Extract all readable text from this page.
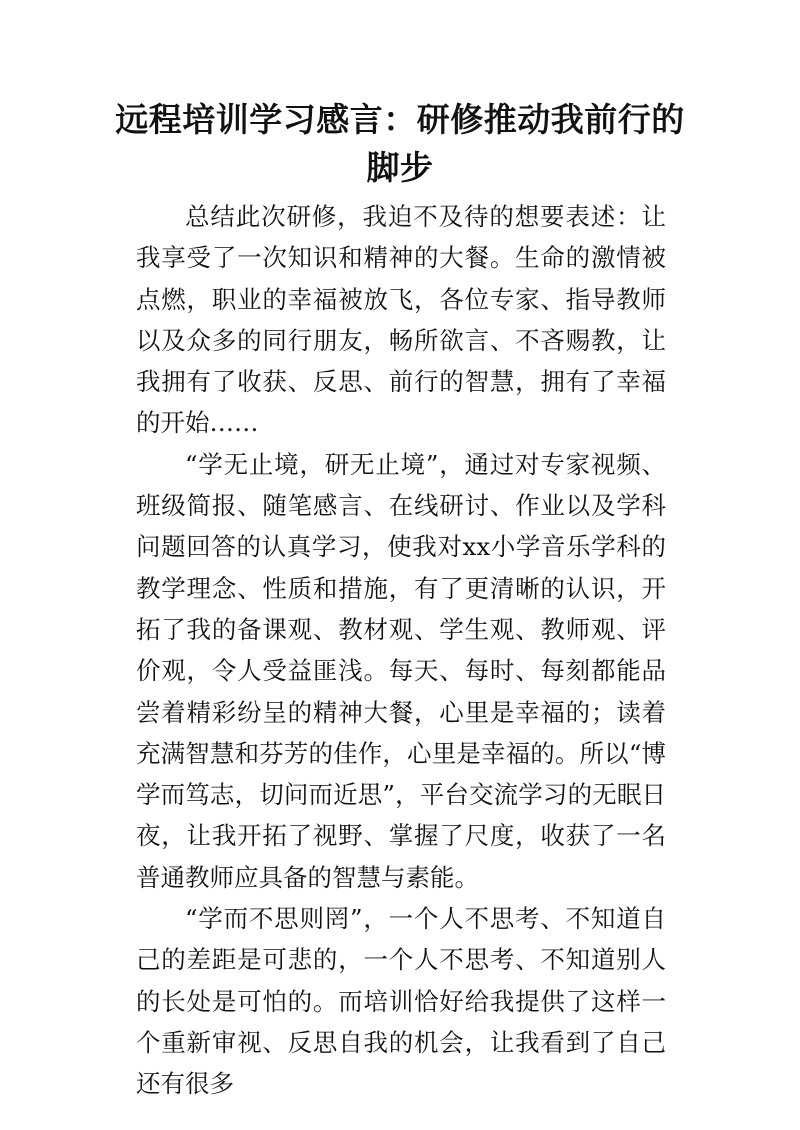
远程培训学习感言：研修推动我前行的脚步

总结此次研修，我迫不及待的想要表述：让我享受了一次知识和精神的大餐。生命的激情被点燃，职业的幸福被放飞，各位专家、指导教师以及众多的同行朋友，畅所欲言、不吝赐教，让我拥有了收获、反思、前行的智慧，拥有了幸福的开始……

“学无止境，研无止境”，通过对专家视频、班级简报、随笔感言、在线研讨、作业以及学科问题回答的认真学习，使我对xx小学音乐学科的教学理念、性质和措施，有了更清晰的认识，开拓了我的备课观、教材观、学生观、教师观、评价观，令人受益匪浅。每天、每时、每刻都能品尝着精彩纷呈的精神大餐，心里是幸福的；读着充满智慧和芬芳的佳作，心里是幸福的。所以“博学而笃志，切问而近思”，平台交流学习的无眠日夜，让我开拓了视野、掌握了尺度，收获了一名普通教师应具备的智慧与素能。

“学而不思则罔”，一个人不思考、不知道自己的差距是可悲的，一个人不思考、不知道别人的长处是可怕的。而培训恰好给我提供了这样一个重新审视、反思自我的机会，让我看到了自己还有很多
